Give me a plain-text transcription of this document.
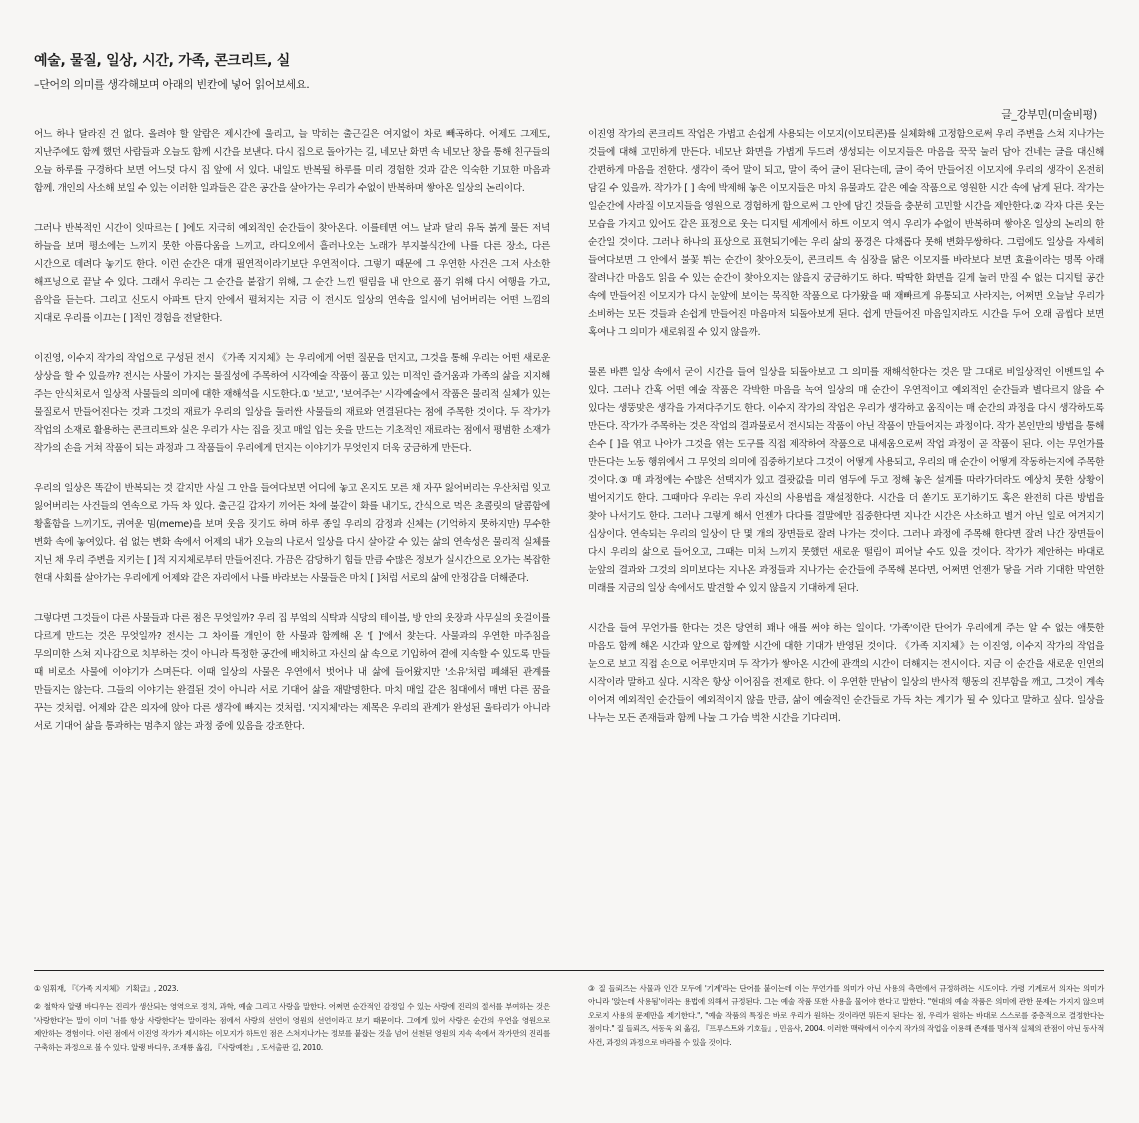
예술, 물질, 일상, 시간, 가족, 콘크리트, 실

–단어의 의미를 생각해보며 아래의 빈칸에 넣어 읽어보세요.

글_강부민(미술비평)

어느 하나 달라진 건 없다. 올려야 할 알람은 제시간에 울리고, 늘 막히는 출근길은 여지없이 차로 빼곡하다. 어제도 그제도, 지난주에도 함께 했던 사람들과 오늘도 함께 시간을 보낸다. 다시 집으로 돌아가는 길, 네모난 화면 속 네모난 창을 통해 친구들의 오늘 하루를 구경하다 보면 어느덧 다시 집 앞에 서 있다. 내일도 반복될 하루를 미리 경험한 것과 같은 익숙한 기묘한 마음과 함께. 개인의 사소해 보일 수 있는 이러한 일과들은 같은 공간을 살아가는 우리가 수없이 반복하며 쌓아온 일상의 논리이다.

그러나 반복적인 시간이 잇따르는 [ ]에도 지극히 예외적인 순간들이 찾아온다. 이를테면 여느 날과 달리 유독 붉게 물든 저녁 하늘을 보며 평소에는 느끼지 못한 아름다움을 느끼고, 라디오에서 흘러나오는 노래가 부지불식간에 나를 다른 장소, 다른 시간으로 데려다 놓기도 한다. 이런 순간은 대개 필연적이라기보단 우연적이다. 그렇기 때문에 그 우연한 사건은 그저 사소한 해프닝으로 끝날 수 있다. 그래서 우리는 그 순간을 붙잡기 위해, 그 순간 느낀 떨림을 내 안으로 품기 위해 다시 여행을 가고, 음악을 듣는다. 그리고 신도시 아파트 단지 안에서 펼쳐지는 지금 이 전시도 일상의 연속을 일시에 넘어버리는 어떤 느낌의 지대로 우리를 이끄는 [ ]적인 경험을 전달한다.

이진영, 이수지 작가의 작업으로 구성된 전시 《가족 지지체》는 우리에게 어떤 질문을 던지고, 그것을 통해 우리는 어떤 새로운 상상을 할 수 있을까? 전시는 사물이 가지는 물질성에 주목하여 시각예술 작품이 품고 있는 미적인 즐거움과 가족의 삶을 지지해 주는 안식처로서 일상적 사물들의 의미에 대한 재해석을 시도한다.① '보고', '보여주는' 시각예술에서 작품은 물리적 실체가 있는 물질로서 만들어진다는 것과 그것의 재료가 우리의 일상을 둘러싼 사물들의 재료와 연결된다는 점에 주목한 것이다. 두 작가가 작업의 소재로 활용하는 콘크리트와 실은 우리가 사는 집을 짓고 매일 입는 옷을 만드는 기초적인 재료라는 점에서 평범한 소재가 작가의 손을 거쳐 작품이 되는 과정과 그 작품들이 우리에게 던지는 이야기가 무엇인지 더욱 궁금하게 만든다.

우리의 일상은 똑같이 반복되는 것 같지만 사실 그 안을 들여다보면 어디에 놓고 온지도 모른 채 자꾸 잃어버리는 우산처럼 잊고 잃어버리는 사건들의 연속으로 가득 차 있다. 출근길 갑자기 끼어든 차에 불같이 화를 내기도, 간식으로 먹은 초콜릿의 달콤함에 황홀함을 느끼기도, 귀여운 밈(meme)을 보며 웃음 짓기도 하며 하루 종일 우리의 감정과 신체는 (기억하지 못하지만) 무수한 변화 속에 놓여있다. 쉼 없는 변화 속에서 어제의 내가 오늘의 나로서 일상을 다시 살아갈 수 있는 삶의 연속성은 물리적 실체를 지닌 채 우리 주변을 지키는 [ ]적 지지체로부터 만들어진다. 가끔은 감당하기 힘들 만큼 수많은 정보가 실시간으로 오가는 복잡한 현대 사회를 살아가는 우리에게 어제와 같은 자리에서 나를 바라보는 사물들은 마치 [ ]처럼 서로의 삶에 안정감을 더해준다.

그렇다면 그것들이 다른 사물들과 다른 점은 무엇일까? 우리 집 부엌의 식탁과 식당의 테이블, 방 안의 옷장과 사무실의 옷걸이를 다르게 만드는 것은 무엇일까? 전시는 그 차이를 개인이 한 사물과 함께해 온 '[ ]'에서 찾는다. 사물과의 우연한 마주침을 무의미한 스쳐 지나감으로 치부하는 것이 아니라 특정한 공간에 배치하고 자신의 삶 속으로 기입하여 곁에 지속할 수 있도록 만들 때 비로소 사물에 이야기가 스며든다. 이때 일상의 사물은 우연에서 벗어나 내 삶에 들어왔지만 '소유'처럼 폐쇄된 관계를 만들지는 않는다. 그들의 이야기는 완결된 것이 아니라 서로 기대어 삶을 재발명한다. 마치 매일 같은 침대에서 매번 다른 꿈을 꾸는 것처럼. 어제와 같은 의자에 앉아 다른 생각에 빠지는 것처럼. '지지체'라는 제목은 우리의 관계가 완성된 울타리가 아니라 서로 기대어 삶을 통과하는 멈추지 않는 과정 중에 있음을 강조한다.

이진영 작가의 콘크리트 작업은 가볍고 손쉽게 사용되는 이모지(이모티콘)를 실체화해 고정함으로써 우리 주변을 스쳐 지나가는 것들에 대해 고민하게 만든다. 네모난 화면을 가볍게 두드려 생성되는 이모지들은 마음을 꾹꾹 눌러 담아 건네는 글을 대신해 간편하게 마음을 전한다. 생각이 죽어 말이 되고, 말이 죽어 글이 된다는데, 글이 죽어 만들어진 이모지에 우리의 생각이 온전히 담길 수 있을까. 작가가 [ ] 속에 박제해 놓은 이모지들은 마치 유물과도 같은 예술 작품으로 영원한 시간 속에 남게 된다. 작가는 일순간에 사라질 이모지들을 영원으로 경험하게 함으로써 그 안에 담긴 것들을 충분히 고민할 시간을 제안한다.② 각자 다른 웃는 모습을 가지고 있어도 같은 표정으로 웃는 디지털 세계에서 하트 이모지 역시 우리가 수없이 반복하며 쌓아온 일상의 논리의 한 순간일 것이다. 그러나 하나의 표상으로 표현되기에는 우리 삶의 풍경은 다채롭다 못해 변화무쌍하다. 그럼에도 일상을 자세히 들여다보면 그 안에서 불꽃 튀는 순간이 찾아오듯이, 콘크리트 속 심장을 닮은 이모지를 바라보다 보면 효율이라는 명목 아래 잘려나간 마음도 읽을 수 있는 순간이 찾아오지는 않을지 궁금하기도 하다. 딱딱한 화면을 길게 눌러 만질 수 없는 디지털 공간 속에 만들어진 이모지가 다시 눈앞에 보이는 묵직한 작품으로 다가왔을 때 재빠르게 유통되고 사라지는, 어쩌면 오늘날 우리가 소비하는 모든 것들과 손쉽게 만들어진 마음마저 되돌아보게 된다. 쉽게 만들어진 마음일지라도 시간을 두어 오래 곱씹다 보면 혹여나 그 의미가 새로워질 수 있지 않을까.

물론 바쁜 일상 속에서 굳이 시간을 들여 일상을 되돌아보고 그 의미를 재해석한다는 것은 말 그대로 비일상적인 이벤트일 수 있다. 그러나 간혹 어떤 예술 작품은 각박한 마음을 녹여 일상의 매 순간이 우연적이고 예외적인 순간들과 별다르지 않을 수 있다는 생뚱맞은 생각을 가져다주기도 한다. 이수지 작가의 작업은 우리가 생각하고 움직이는 매 순간의 과정을 다시 생각하도록 만든다. 작가가 주목하는 것은 작업의 결과물로서 전시되는 작품이 아닌 작품이 만들어지는 과정이다. 작가 본인만의 방법을 통해 손수 [ ]을 엮고 나아가 그것을 엮는 도구를 직접 제작하여 작품으로 내세움으로써 작업 과정이 곧 작품이 된다. 이는 무언가를 만든다는 노동 행위에서 그 무엇의 의미에 집중하기보다 그것이 어떻게 사용되고, 우리의 매 순간이 어떻게 작동하는지에 주목한 것이다.③ 매 과정에는 수많은 선택지가 있고 결괏값을 미리 염두에 두고 정해 놓은 설계를 따라가더라도 예상치 못한 상황이 벌어지기도 한다. 그때마다 우리는 우리 자신의 사용법을 재설정한다. 시간을 더 쏟기도 포기하기도 혹은 완전히 다른 방법을 찾아 나서기도 한다. 그러나 그렇게 해서 언젠가 다다를 결말에만 집중한다면 지나간 시간은 사소하고 별거 아닌 일로 여겨지기 십상이다. 연속되는 우리의 일상이 단 몇 개의 장면들로 잘려 나가는 것이다. 그러나 과정에 주목해 한다면 잘려 나간 장면들이 다시 우리의 삶으로 들어오고, 그때는 미처 느끼지 못했던 새로운 떨림이 피어날 수도 있을 것이다. 작가가 제안하는 바대로 눈앞의 결과와 그것의 의미보다는 지나온 과정들과 지나가는 순간들에 주목해 본다면, 어쩌면 언젠가 닿을 거라 기대한 막연한 미래를 지금의 일상 속에서도 발견할 수 있지 않을지 기대하게 된다.

시간을 들여 무언가를 한다는 것은 당연히 꽤나 애를 써야 하는 일이다. '가족'이란 단어가 우리에게 주는 알 수 없는 애틋한 마음도 함께 해온 시간과 앞으로 함께할 시간에 대한 기대가 반영된 것이다. 《가족 지지체》는 이진영, 이수지 작가의 작업을 눈으로 보고 직접 손으로 어루만지며 두 작가가 쌓아온 시간에 관객의 시간이 더해지는 전시이다. 지금 이 순간을 새로운 인연의 시작이라 말하고 싶다. 시작은 항상 이어짐을 전제로 한다. 이 우연한 만남이 일상의 반사적 행동의 진부함을 깨고, 그것이 계속 이어져 예외적인 순간들이 예외적이지 않을 만큼, 삶이 예술적인 순간들로 가득 차는 계기가 될 수 있다고 말하고 싶다. 일상을 나누는 모든 존재들과 함께 나눌 그 가슴 벅찬 시간을 기다리며.

① 임휘재, 『《가족 지지체》 기획글』, 2023.

② 철학자 알랭 바디우는 진리가 생산되는 영역으로 정치, 과학, 예술 그리고 사랑을 말한다. 어쩌면 순간적인 감정일 수 있는 사랑에 진리의 절서를 부여하는 것은 '사랑한다'는 말이 이미 '너를 항상 사랑한다'는 말이라는 점에서 사랑의 선언이 영원의 선언이라고 보기 때문이다. 그에게 있어 사랑은 순간의 우연을 영원으로 제안하는 경험이다. 이런 점에서 이진영 작가가 제시하는 이모지가 하트인 점은 스쳐지나가는 정보를 붙잡는 것을 넘어 선천된 영원의 지속 속에서 작가만의 진리를 구축하는 과정으로 볼 수 있다. 알랭 바디우, 조재룡 옮김, 『사랑예찬』, 도서출판 길, 2010.

③ 질 들뢰즈는 사물과 인간 모두에 '기계'라는 단어를 붙이는데 이는 무언가를 의미가 아닌 사용의 측면에서 규정하려는 시도이다. 가령 기계로서 의자는 의미가 아니라 '앉는데 사용됨'이라는 용법에 의해서 규정된다. 그는 예술 작품 또한 사용을 물어야 한다고 말한다. "현대의 예술 작품은 의미에 관한 문제는 가지지 않으며 오로지 사용의 문제만을 제기한다.", "예술 작품의 특징은 바로 우리가 원하는 것이라면 뭐든지 된다는 점, 우리가 원하는 바대로 스스로를 중층적으로 결정한다는 점이다." 질 들뢰즈, 서동욱 외 옮김, 『프루스트와 기호들』, 민음사, 2004. 이러한 맥락에서 이수지 작가의 작업을 이용해 존재를 명사적 실체의 관점이 아닌 동사적 사건, 과정의 과정으로 바라볼 수 있을 것이다.
